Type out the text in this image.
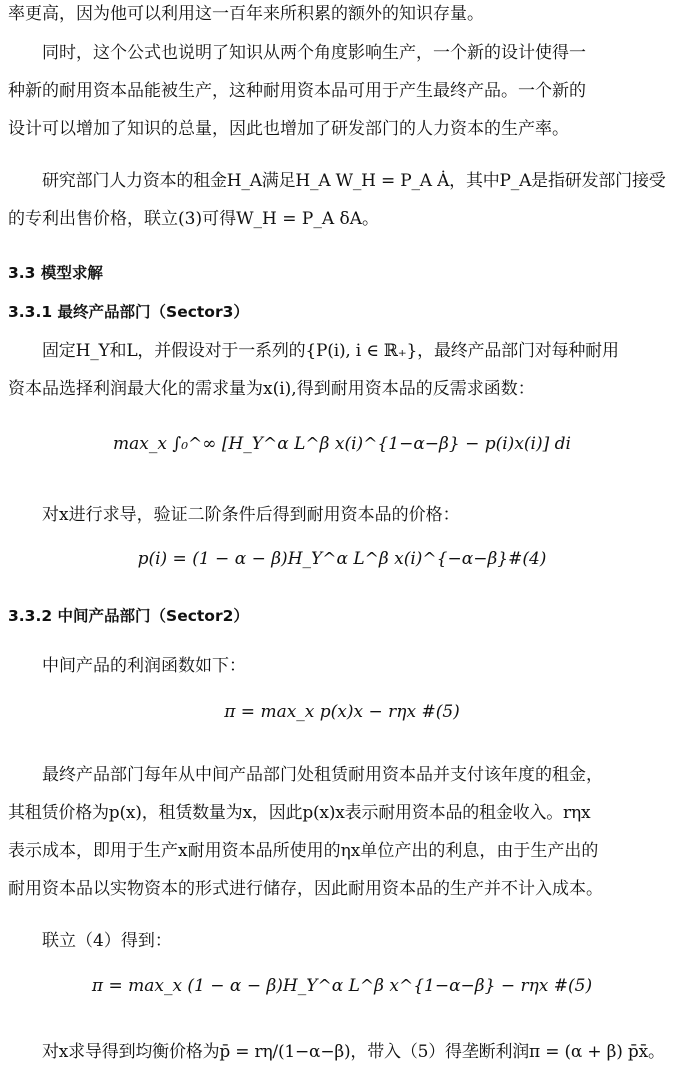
率更高，因为他可以利用这一百年来所积累的额外的知识存量。
同时，这个公式也说明了知识从两个角度影响生产，一个新的设计使得一
种新的耐用资本品能被生产，这种耐用资本品可用于产生最终产品。一个新的
设计可以增加了知识的总量，因此也增加了研发部门的人力资本的生产率。
研究部门人力资本的租金H_A满足H_A W_H = P_A Ȧ，其中P_A是指研发部门接受
的专利出售价格，联立(3)可得W_H = P_A δA。
3.3 模型求解
3.3.1 最终产品部门（Sector3）
固定H_Y和L，并假设对于一系列的{P(i), i ∈ ℝ₊}，最终产品部门对每种耐用
资本品选择利润最大化的需求量为x(i),得到耐用资本品的反需求函数：
max_x ∫₀^∞ [H_Y^α L^β x(i)^{1−α−β} − p(i)x(i)] di
对x进行求导，验证二阶条件后得到耐用资本品的价格：
p(i) = (1 − α − β)H_Y^α L^β x(i)^{−α−β}#(4)
3.3.2 中间产品部门（Sector2）
中间产品的利润函数如下：
π = max_x p(x)x − rηx #(5)
最终产品部门每年从中间产品部门处租赁耐用资本品并支付该年度的租金，
其租赁价格为p(x)，租赁数量为x，因此p(x)x表示耐用资本品的租金收入。rηx
表示成本，即用于生产x耐用资本品所使用的ηx单位产出的利息，由于生产出的
耐用资本品以实物资本的形式进行储存，因此耐用资本品的生产并不计入成本。
联立（4）得到：
π = max_x (1 − α − β)H_Y^α L^β x^{1−α−β} − rηx #(5)
对x求导得到均衡价格为p̄ = rη/(1−α−β)，带入（5）得垄断利润π = (α + β) p̄x̄。
